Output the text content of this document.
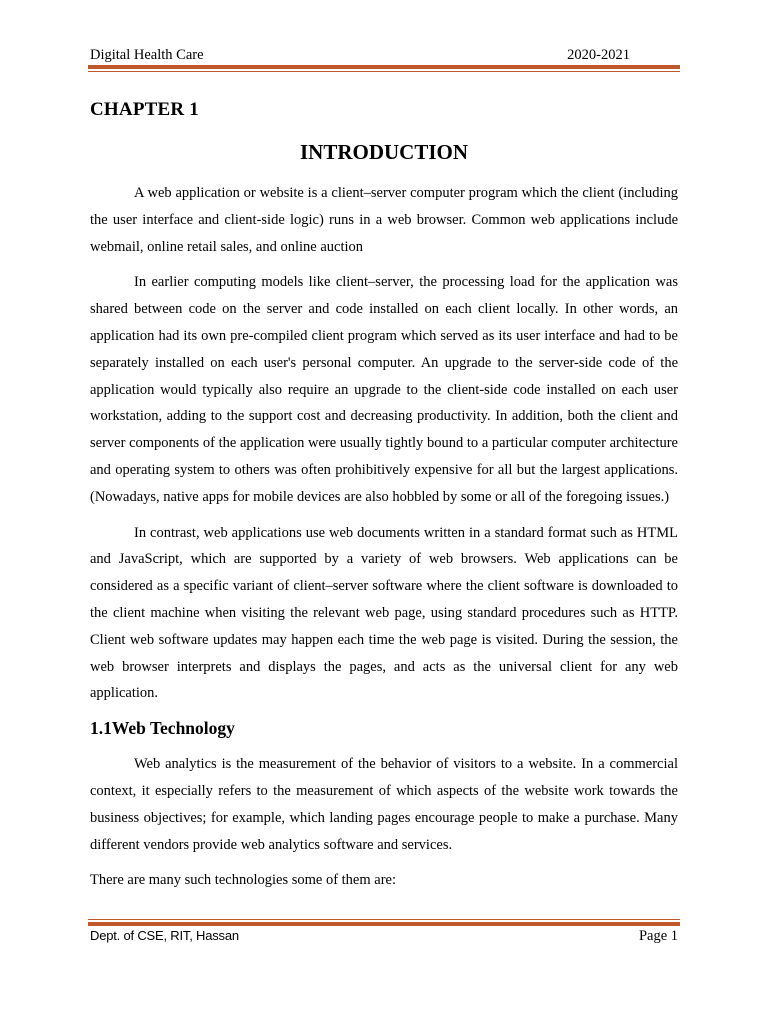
Digital Health Care	2020-2021
CHAPTER 1
INTRODUCTION

A web application or website is a client–server computer program which the client (including the user interface and client-side logic) runs in a web browser. Common web applications include webmail, online retail sales, and online auction

In earlier computing models like client–server, the processing load for the application was shared between code on the server and code installed on each client locally. In other words, an application had its own pre-compiled client program which served as its user interface and had to be separately installed on each user's personal computer. An upgrade to the server-side code of the application would typically also require an upgrade to the client-side code installed on each user workstation, adding to the support cost and decreasing productivity. In addition, both the client and server components of the application were usually tightly bound to a particular computer architecture and operating system to others was often prohibitively expensive for all but the largest applications. (Nowadays, native apps for mobile devices are also hobbled by some or all of the foregoing issues.)

In contrast, web applications use web documents written in a standard format such as HTML and JavaScript, which are supported by a variety of web browsers. Web applications can be considered as a specific variant of client–server software where the client software is downloaded to the client machine when visiting the relevant web page, using standard procedures such as HTTP. Client web software updates may happen each time the web page is visited. During the session, the web browser interprets and displays the pages, and acts as the universal client for any web application.

1.1Web Technology

Web analytics is the measurement of the behavior of visitors to a website. In a commercial context, it especially refers to the measurement of which aspects of the website work towards the business objectives; for example, which landing pages encourage people to make a purchase. Many different vendors provide web analytics software and services.

There are many such technologies some of them are:

Dept. of CSE, RIT, Hassan	Page 1
